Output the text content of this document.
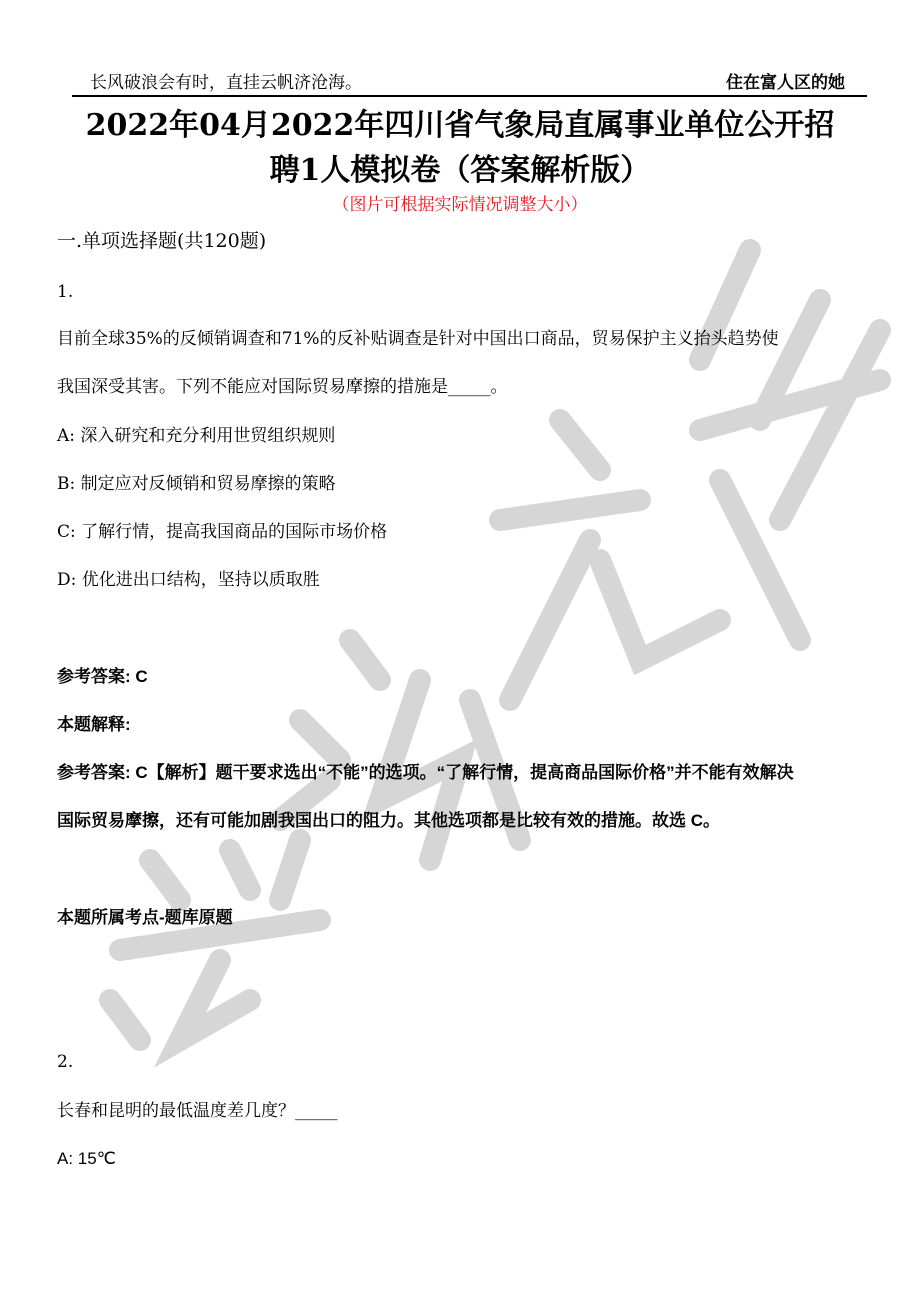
长风破浪会有时，直挂云帆济沧海。	住在富人区的她
2022年04月2022年四川省气象局直属事业单位公开招
聘1人模拟卷（答案解析版）
（图片可根据实际情况调整大小）
一.单项选择题(共120题)
1.
目前全球35%的反倾销调查和71%的反补贴调查是针对中国出口商品，贸易保护主义抬头趋势使
我国深受其害。下列不能应对国际贸易摩擦的措施是_____。
A: 深入研究和充分利用世贸组织规则
B: 制定应对反倾销和贸易摩擦的策略
C: 了解行情，提高我国商品的国际市场价格
D: 优化进出口结构，坚持以质取胜
参考答案: C
本题解释:
参考答案: C【解析】题干要求选出“不能”的选项。“了解行情，提高商品国际价格”并不能有效解决
国际贸易摩擦，还有可能加剧我国出口的阻力。其他选项都是比较有效的措施。故选 C。
本题所属考点-题库原题
2.
长春和昆明的最低温度差几度？_____
A: 15℃
